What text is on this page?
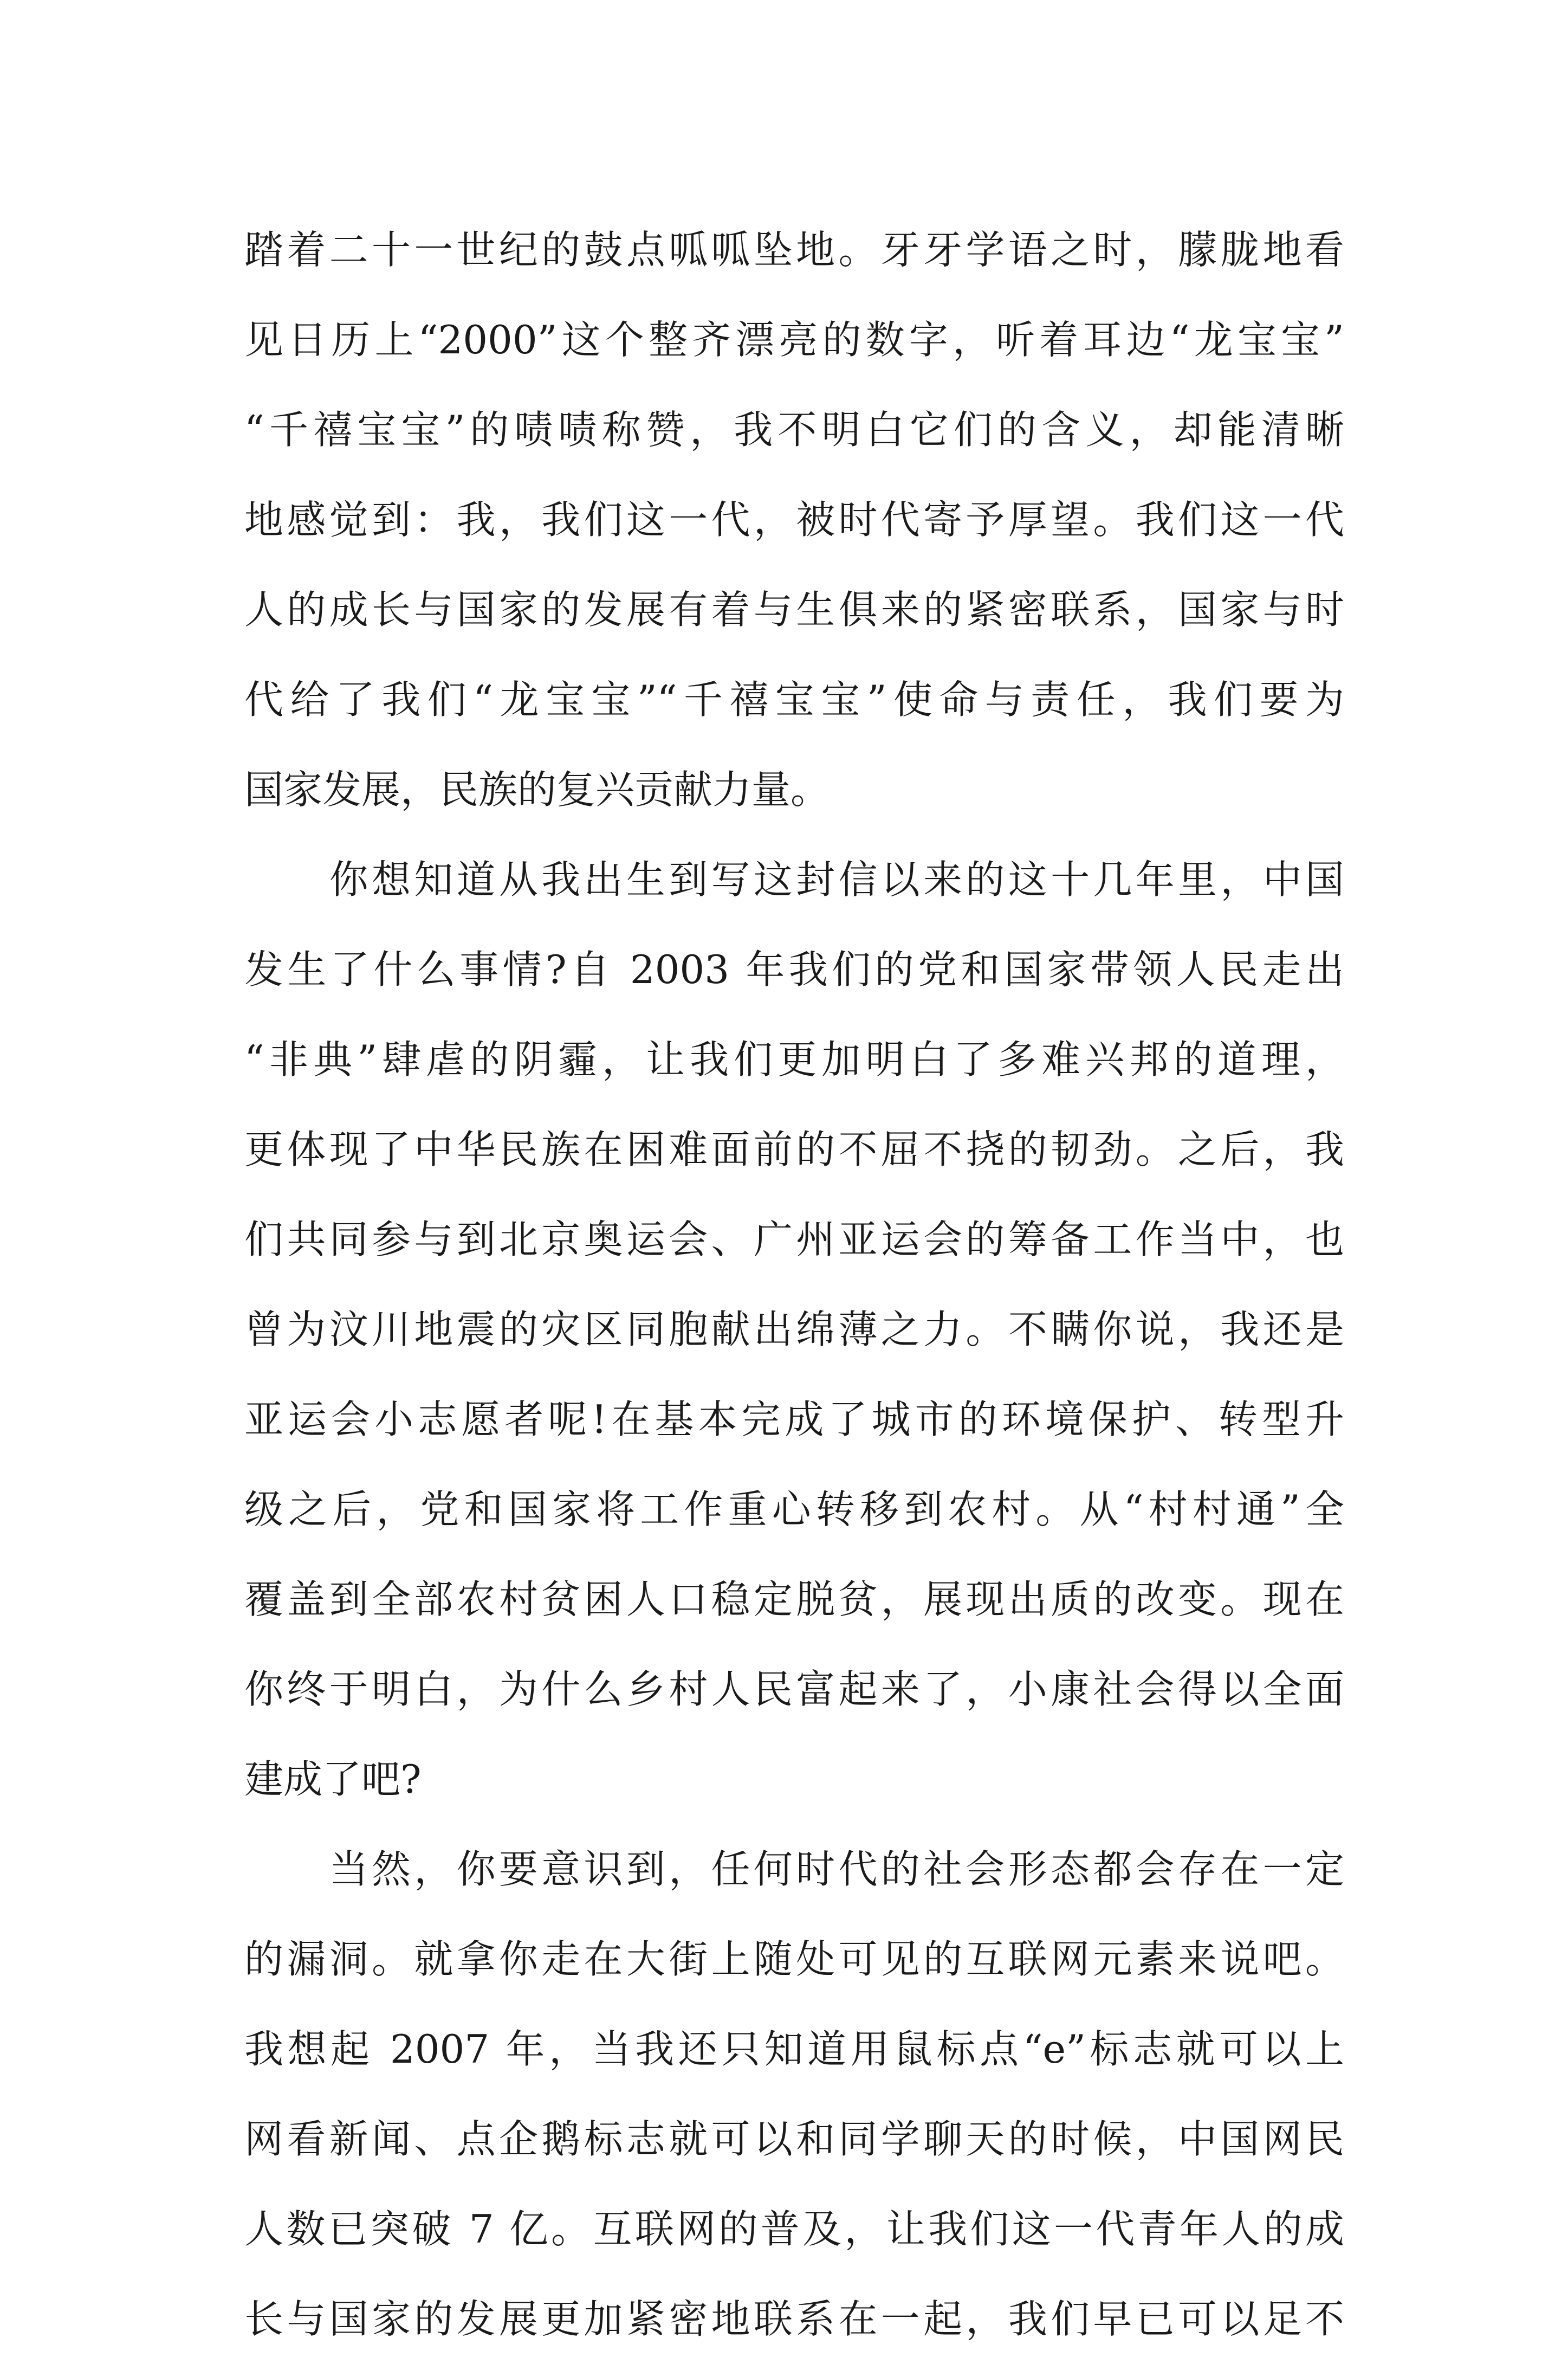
踏着二十一世纪的鼓点呱呱坠地。牙牙学语之时，朦胧地看
见日历上“2000”这个整齐漂亮的数字，听着耳边“龙宝宝”
“千禧宝宝”的啧啧称赞，我不明白它们的含义，却能清晰
地感觉到：我，我们这一代，被时代寄予厚望。我们这一代
人的成长与国家的发展有着与生俱来的紧密联系，国家与时
代给了我们“龙宝宝”“千禧宝宝”使命与责任，我们要为
国家发展，民族的复兴贡献力量。
　　你想知道从我出生到写这封信以来的这十几年里，中国
发生了什么事情?自 2003 年我们的党和国家带领人民走出
“非典”肆虐的阴霾，让我们更加明白了多难兴邦的道理，
更体现了中华民族在困难面前的不屈不挠的韧劲。之后，我
们共同参与到北京奥运会、广州亚运会的筹备工作当中，也
曾为汶川地震的灾区同胞献出绵薄之力。不瞒你说，我还是
亚运会小志愿者呢!在基本完成了城市的环境保护、转型升
级之后，党和国家将工作重心转移到农村。从“村村通”全
覆盖到全部农村贫困人口稳定脱贫，展现出质的改变。现在
你终于明白，为什么乡村人民富起来了，小康社会得以全面
建成了吧?
　　当然，你要意识到，任何时代的社会形态都会存在一定
的漏洞。就拿你走在大街上随处可见的互联网元素来说吧。
我想起 2007 年，当我还只知道用鼠标点“e”标志就可以上
网看新闻、点企鹅标志就可以和同学聊天的时候，中国网民
人数已突破 7 亿。互联网的普及，让我们这一代青年人的成
长与国家的发展更加紧密地联系在一起，我们早已可以足不
